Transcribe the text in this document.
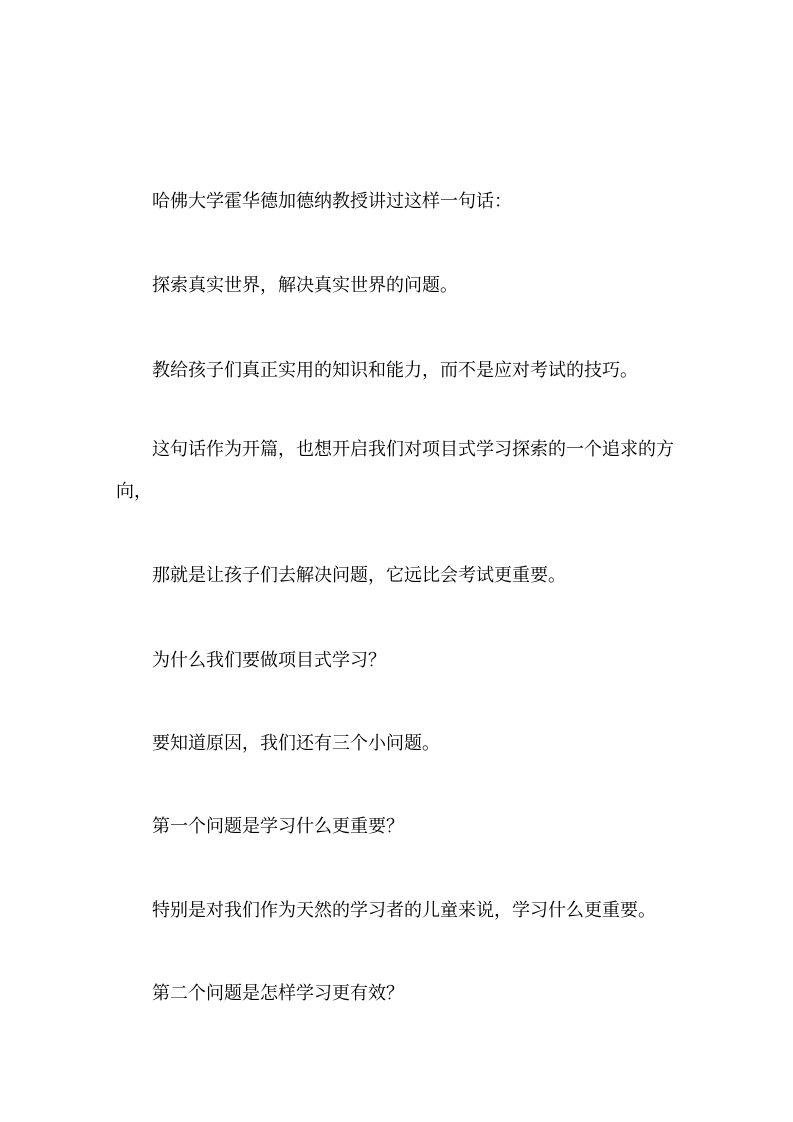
哈佛大学霍华德加德纳教授讲过这样一句话：

探索真实世界，解决真实世界的问题。

教给孩子们真正实用的知识和能力，而不是应对考试的技巧。

这句话作为开篇，也想开启我们对项目式学习探索的一个追求的方向，

那就是让孩子们去解决问题，它远比会考试更重要。

为什么我们要做项目式学习？

要知道原因，我们还有三个小问题。

第一个问题是学习什么更重要？

特别是对我们作为天然的学习者的儿童来说，学习什么更重要。

第二个问题是怎样学习更有效？
